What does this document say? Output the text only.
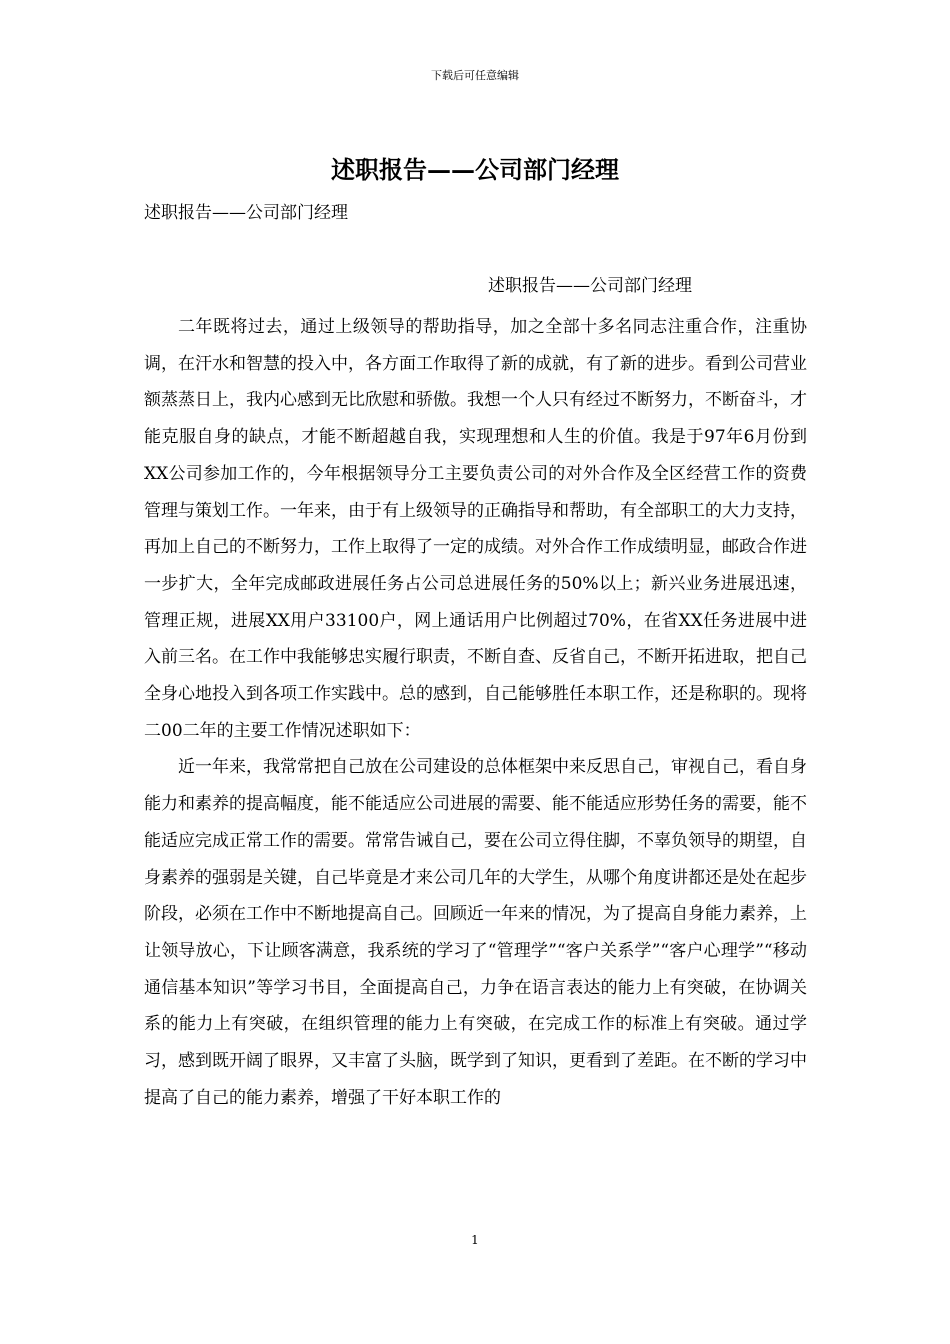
下载后可任意编辑
述职报告——公司部门经理

述职报告——公司部门经理

述职报告——公司部门经理

二年既将过去，通过上级领导的帮助指导，加之全部十多名同志注重合作，注重协调，在汗水和智慧的投入中，各方面工作取得了新的成就，有了新的进步。看到公司营业额蒸蒸日上，我内心感到无比欣慰和骄傲。我想一个人只有经过不断努力，不断奋斗，才能克服自身的缺点，才能不断超越自我，实现理想和人生的价值。我是于97年6月份到XX公司参加工作的，今年根据领导分工主要负责公司的对外合作及全区经营工作的资费管理与策划工作。一年来，由于有上级领导的正确指导和帮助，有全部职工的大力支持，再加上自己的不断努力，工作上取得了一定的成绩。对外合作工作成绩明显，邮政合作进一步扩大，全年完成邮政进展任务占公司总进展任务的50%以上；新兴业务进展迅速，管理正规，进展XX用户33100户，网上通话用户比例超过70%，在省XX任务进展中进入前三名。在工作中我能够忠实履行职责，不断自查、反省自己，不断开拓进取，把自己全身心地投入到各项工作实践中。总的感到，自己能够胜任本职工作，还是称职的。现将二00二年的主要工作情况述职如下：

近一年来，我常常把自己放在公司建设的总体框架中来反思自己，审视自己，看自身能力和素养的提高幅度，能不能适应公司进展的需要、能不能适应形势任务的需要，能不能适应完成正常工作的需要。常常告诫自己，要在公司立得住脚，不辜负领导的期望，自身素养的强弱是关键，自己毕竟是才来公司几年的大学生，从哪个角度讲都还是处在起步阶段，必须在工作中不断地提高自己。回顾近一年来的情况，为了提高自身能力素养，上让领导放心，下让顾客满意，我系统的学习了“管理学”“客户关系学”“客户心理学”“移动通信基本知识”等学习书目，全面提高自己，力争在语言表达的能力上有突破，在协调关系的能力上有突破，在组织管理的能力上有突破，在完成工作的标准上有突破。通过学习，感到既开阔了眼界，又丰富了头脑，既学到了知识，更看到了差距。在不断的学习中提高了自己的能力素养，增强了干好本职工作的

1
